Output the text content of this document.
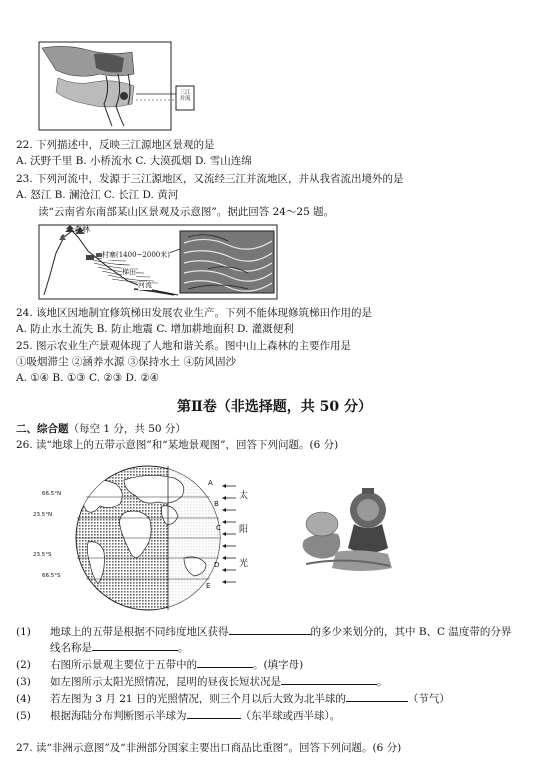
三江并流
22. 下列描述中，反映三江源地区景观的是
A. 沃野千里 B. 小桥流水 C. 大漠孤烟 D. 雪山连绵
23. 下列河流中，发源于三江源地区，又流经三江并流地区，并从我省流出境外的是
A. 怒江 B. 澜沧江 C. 长江 D. 黄河
读“云南省东南部某山区景观及示意图”。据此回答 24～25 题。
森林
村寨(1400~2000米)
梯田
河流
24. 该地区因地制宜修筑梯田发展农业生产。下列不能体现修筑梯田作用的是
A. 防止水土流失 B. 防止地震 C. 增加耕地面积 D. 灌溉便利
25. 图示农业生产景观体现了人地和谐关系。图中山上森林的主要作用是
①吸烟滞尘 ②涵养水源 ③保持水土 ④防风固沙
A. ①④ B. ①③ C. ②③ D. ②④
第Ⅱ卷（非选择题，共 50 分）
二、综合题（每空 1 分，共 50 分）
26. 读“地球上的五带示意图”和“某地景观图”，回答下列问题。(6 分)
66.5°N
23.5°N
23.5°S
66.5°S
A
B
C
D
E
太
阳
光
(1) 地球上的五带是根据不同纬度地区获得	的多少来划分的，其中 B、C 温度带的分界
线名称是	。
(2) 右图所示景观主要位于五带中的	。(填字母)
(3) 如左图所示太阳光照情况，昆明的昼夜长短状况是	。
(4) 若左图为 3 月 21 日的光照情况，则三个月以后大致为北半球的	（节气）
(5) 根据海陆分布判断图示半球为	（东半球或西半球）。
27. 读“非洲示意图”及“非洲部分国家主要出口商品比重图”。回答下列问题。(6 分)
